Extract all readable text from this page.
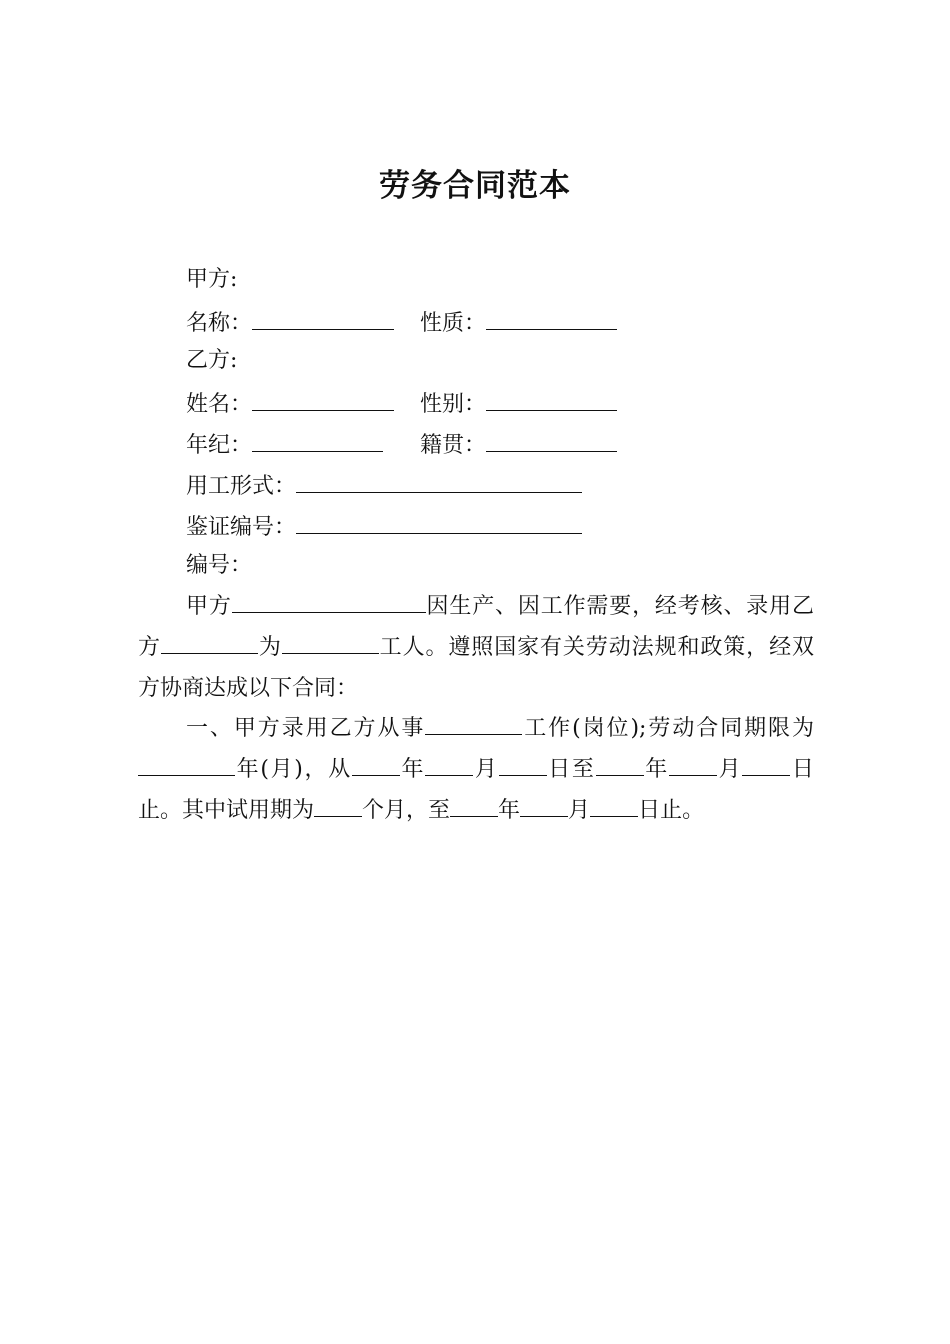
劳务合同范本
甲方:
名称：	性质：
乙方:
姓名：	性别：
年纪：	籍贯：
用工形式：
鉴证编号：
编号：

甲方	因生产、因工作需要，经考核、录用乙方	为	工人。遵照国家有关劳动法规和政策，经双方协商达成以下合同：

一、甲方录用乙方从事	工作(岗位);劳动合同期限为年(月)，从 年 月 日至 年 月 日止。其中试用期为 个月，至 年 月 日止。
